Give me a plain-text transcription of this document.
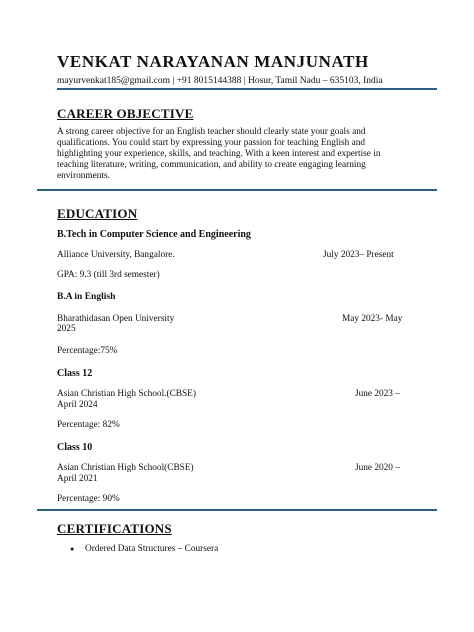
VENKAT NARAYANAN MANJUNATH
mayurvenkat185@gmail.com | +91 8015144388 | Hosur, Tamil Nadu – 635103, India
CAREER OBJECTIVE
A strong career objective for an English teacher should clearly state your goals and qualifications. You could start by expressing your passion for teaching English and highlighting your experience, skills, and teaching. With a keen interest and expertise in teaching literature, writing, communication, and ability to create engaging learning environments.
EDUCATION
B.Tech in Computer Science and Engineering
Alliance University, Bangalore.	July 2023– Present
GPA: 9.3 (till 3rd semester)
B.A in English
Bharathidasan Open University	May 2023- May
2025
Percentage:75%
Class 12
Asian Christian High School.(CBSE)	June 2023 –
April 2024
Percentage: 82%
Class 10
Asian Christian High School(CBSE)	June 2020 –
April 2021
Percentage: 90%
CERTIFICATIONS
● Ordered Data Structures – Coursera
